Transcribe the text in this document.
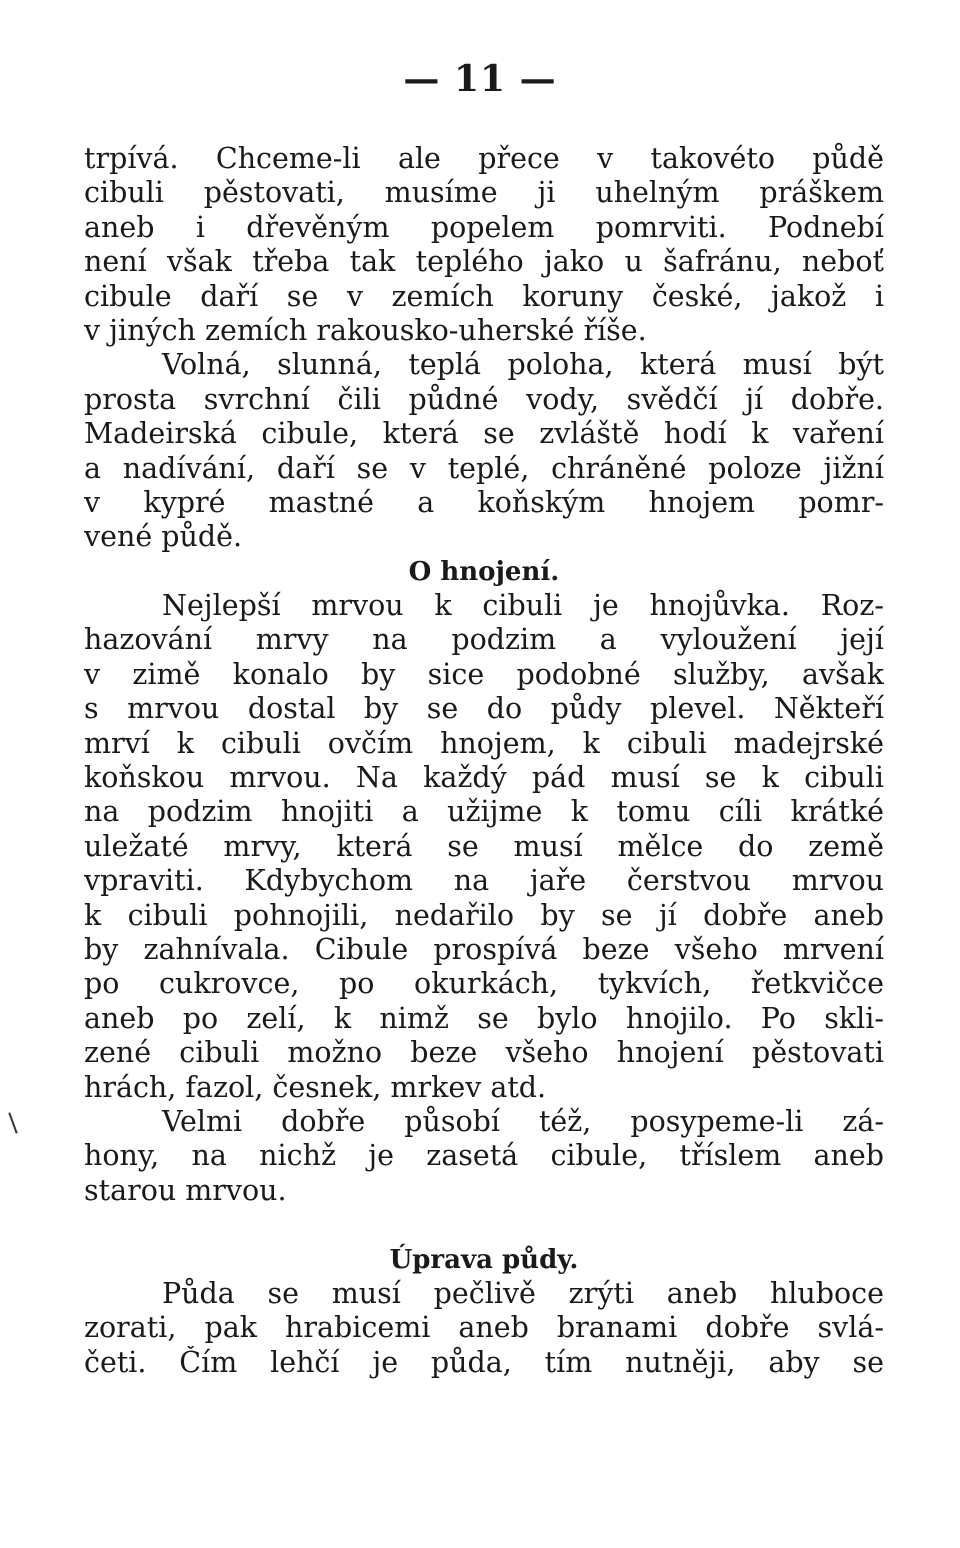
— 11 —
trpívá. Chceme-li ale přece v takovéto půdě
cibuli pěstovati, musíme ji uhelným práškem
aneb i dřevěným popelem pomrviti. Podnebí
není však třeba tak teplého jako u šafránu, neboť
cibule daří se v zemích koruny české, jakož i
v jiných zemích rakousko-uherské říše.
Volná, slunná, teplá poloha, která musí být
prosta svrchní čili půdné vody, svědčí jí dobře.
Madeirská cibule, která se zvláště hodí k vaření
a nadívání, daří se v teplé, chráněné poloze jižní
v kypré mastné a koňským hnojem pomr-
vené půdě.
O hnojení.
Nejlepší mrvou k cibuli je hnojůvka. Roz-
hazování mrvy na podzim a vyloužení její
v zimě konalo by sice podobné služby, avšak
s mrvou dostal by se do půdy plevel. Někteří
mrví k cibuli ovčím hnojem, k cibuli madejrské
koňskou mrvou. Na každý pád musí se k cibuli
na podzim hnojiti a užijme k tomu cíli krátké
uležaté mrvy, která se musí mělce do země
vpraviti. Kdybychom na jaře čerstvou mrvou
k cibuli pohnojili, nedařilo by se jí dobře aneb
by zahnívala. Cibule prospívá beze všeho mrvení
po cukrovce, po okurkách, tykvích, řetkvičce
aneb po zelí, k nimž se bylo hnojilo. Po skli-
zené cibuli možno beze všeho hnojení pěstovati
hrách, fazol, česnek, mrkev atd.
Velmi dobře působí též, posypeme-li zá-
hony, na nichž je zasetá cibule, tříslem aneb
starou mrvou.
Úprava půdy.
Půda se musí pečlivě zrýti aneb hluboce
zorati, pak hrabicemi aneb branami dobře svlá-
četi. Čím lehčí je půda, tím nutněji, aby se
